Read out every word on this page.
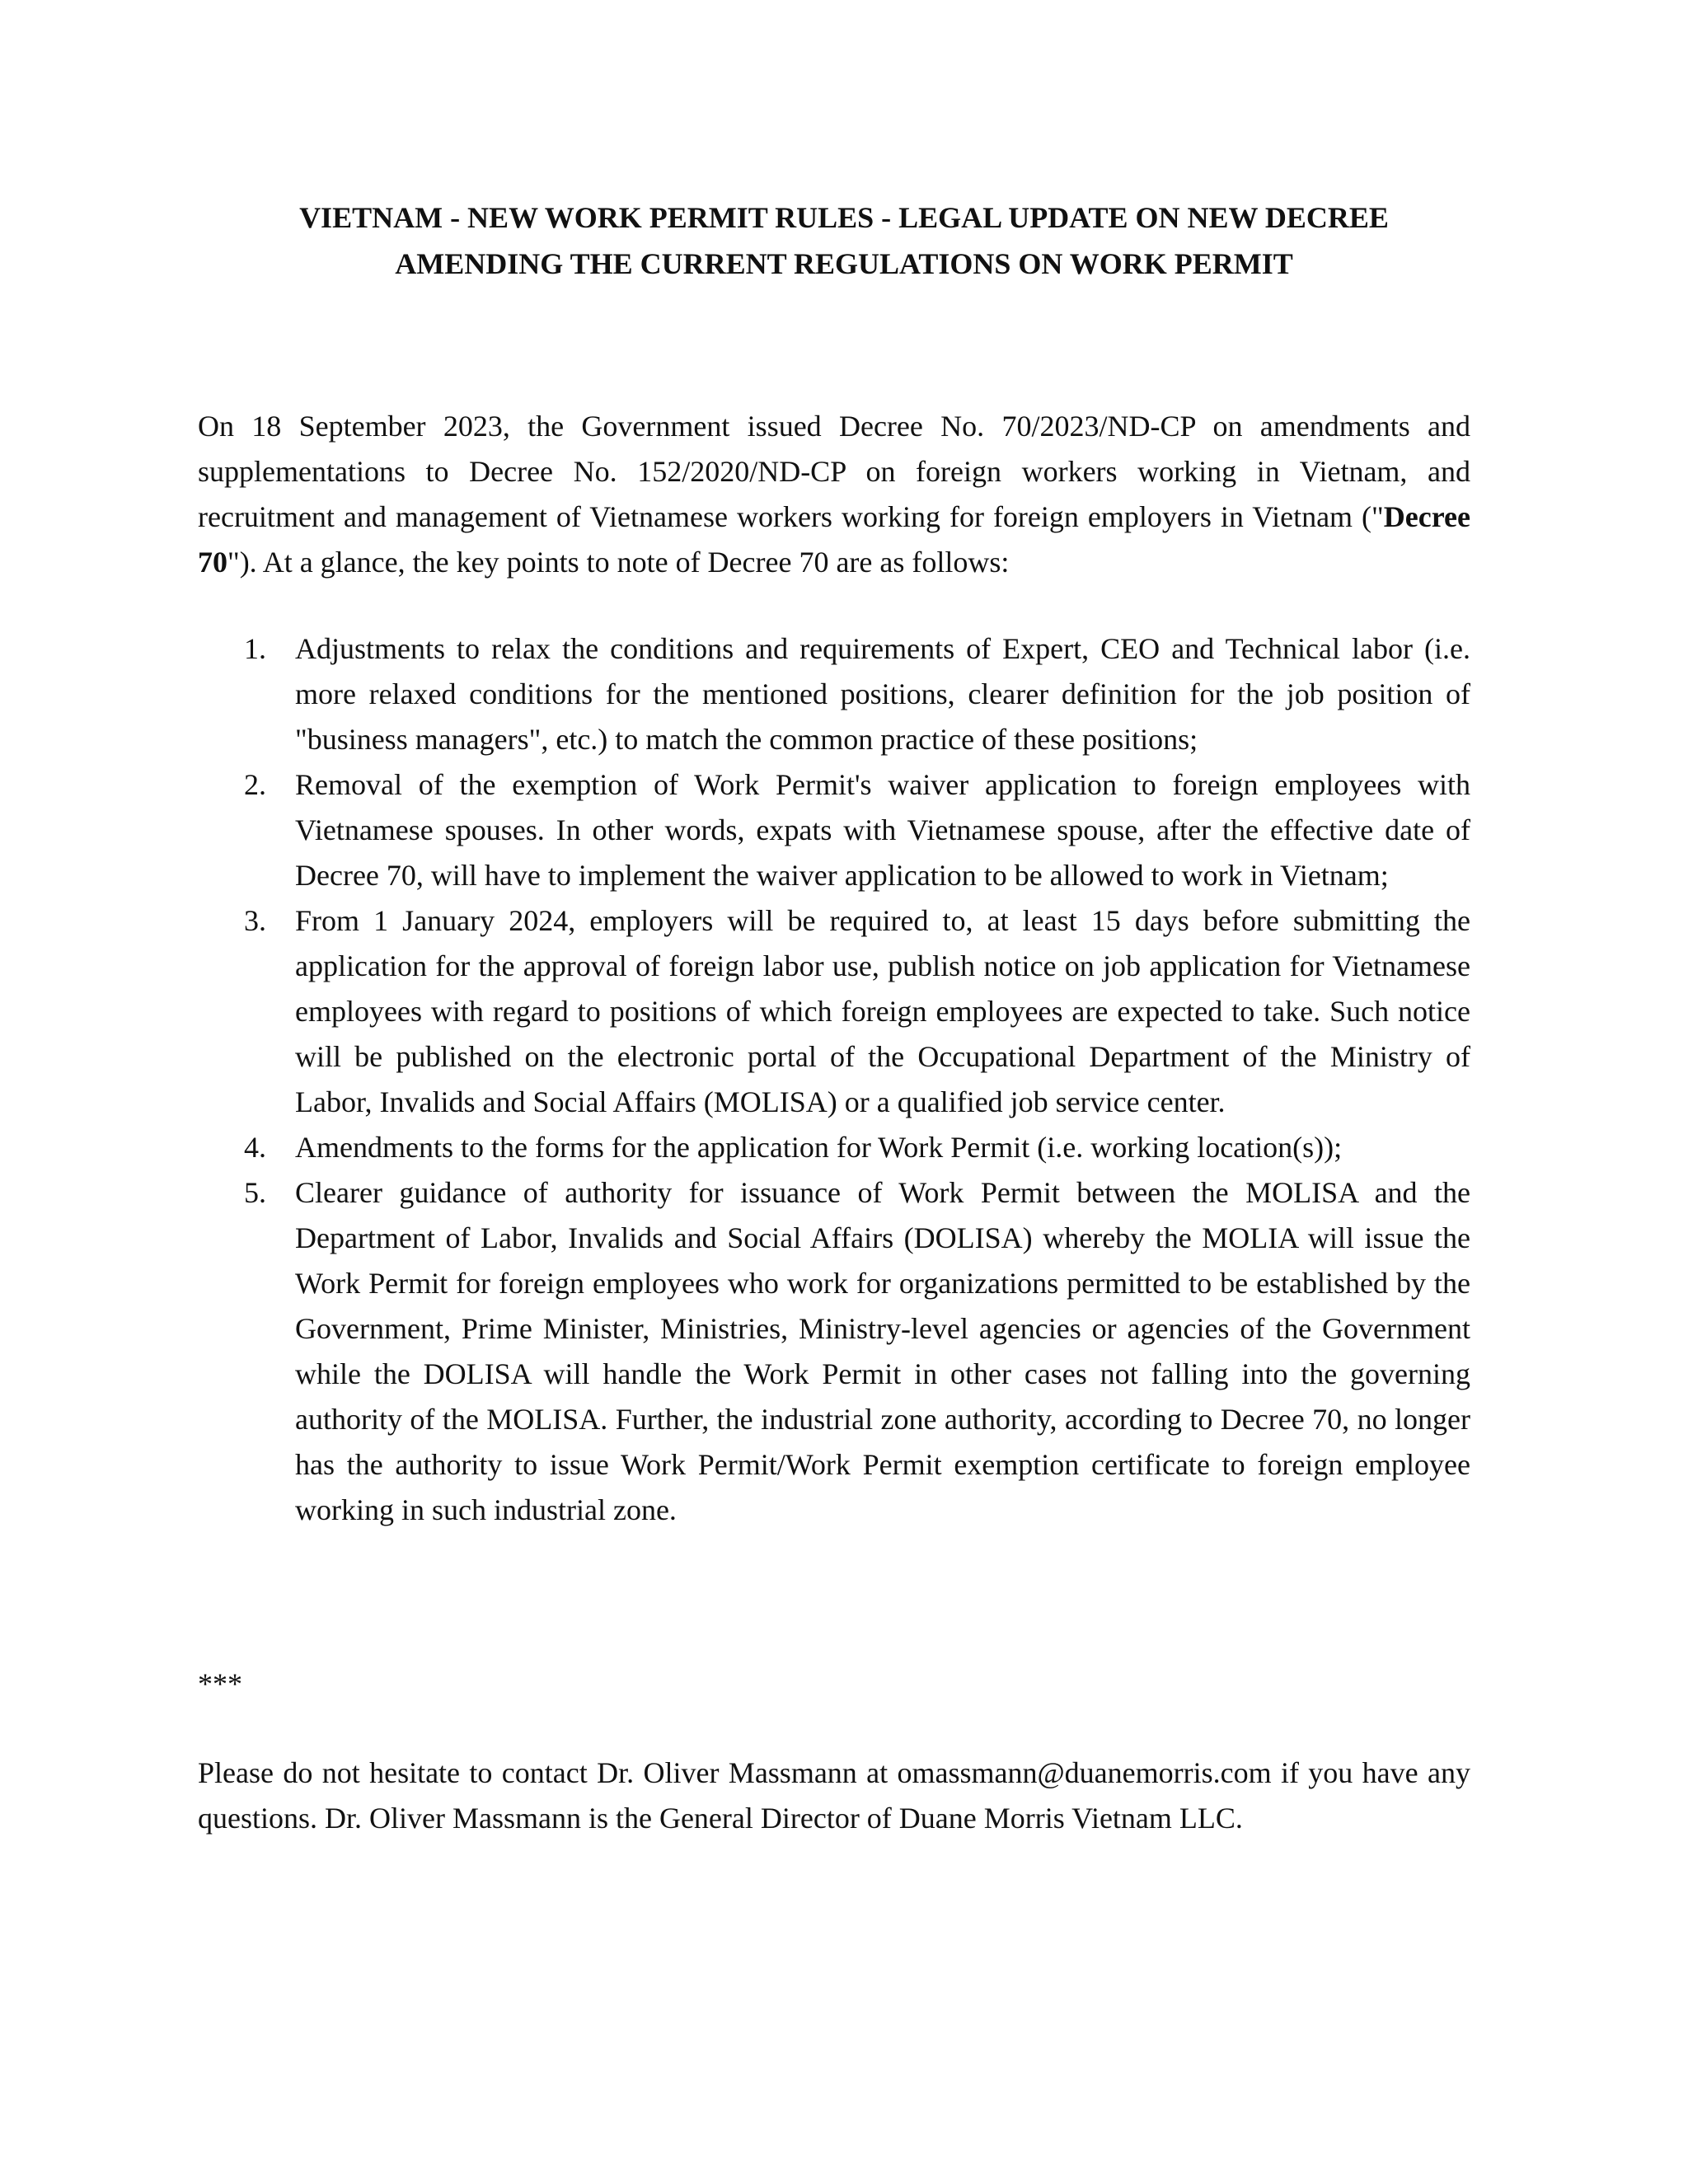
VIETNAM - NEW WORK PERMIT RULES - LEGAL UPDATE ON NEW DECREE
AMENDING THE CURRENT REGULATIONS ON WORK PERMIT

On 18 September 2023, the Government issued Decree No. 70/2023/ND-CP on amendments and supplementations to Decree No. 152/2020/ND-CP on foreign workers working in Vietnam, and recruitment and management of Vietnamese workers working for foreign employers in Vietnam ("Decree 70"). At a glance, the key points to note of Decree 70 are as follows:

1. Adjustments to relax the conditions and requirements of Expert, CEO and Technical labor (i.e. more relaxed conditions for the mentioned positions, clearer definition for the job position of "business managers", etc.) to match the common practice of these positions;
2. Removal of the exemption of Work Permit's waiver application to foreign employees with Vietnamese spouses. In other words, expats with Vietnamese spouse, after the effective date of Decree 70, will have to implement the waiver application to be allowed to work in Vietnam;
3. From 1 January 2024, employers will be required to, at least 15 days before submitting the application for the approval of foreign labor use, publish notice on job application for Vietnamese employees with regard to positions of which foreign employees are expected to take. Such notice will be published on the electronic portal of the Occupational Department of the Ministry of Labor, Invalids and Social Affairs (MOLISA) or a qualified job service center.
4. Amendments to the forms for the application for Work Permit (i.e. working location(s));
5. Clearer guidance of authority for issuance of Work Permit between the MOLISA and the Department of Labor, Invalids and Social Affairs (DOLISA) whereby the MOLIA will issue the Work Permit for foreign employees who work for organizations permitted to be established by the Government, Prime Minister, Ministries, Ministry-level agencies or agencies of the Government while the DOLISA will handle the Work Permit in other cases not falling into the governing authority of the MOLISA. Further, the industrial zone authority, according to Decree 70, no longer has the authority to issue Work Permit/Work Permit exemption certificate to foreign employee working in such industrial zone.

***

Please do not hesitate to contact Dr. Oliver Massmann at omassmann@duanemorris.com if you have any questions. Dr. Oliver Massmann is the General Director of Duane Morris Vietnam LLC.
